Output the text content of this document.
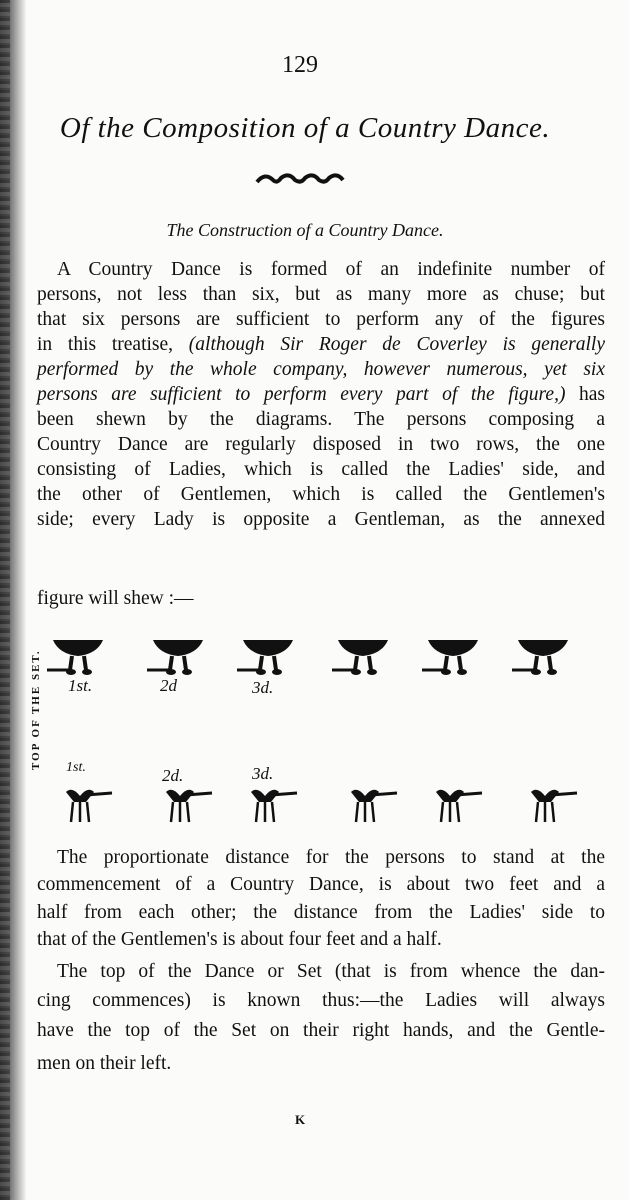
129
Of the Composition of a Country Dance.
The Construction of a Country Dance.
A Country Dance is formed of an indefinite number of
persons, not less than six, but as many more as chuse; but
that six persons are sufficient to perform any of the figures
in this treatise, (although Sir Roger de Coverley is generally
performed by the whole company, however numerous, yet six
persons are sufficient to perform every part of the figure,) has
been shewn by the diagrams. The persons composing a
Country Dance are regularly disposed in two rows, the one
consisting of Ladies, which is called the Ladies' side, and
the other of Gentlemen, which is called the Gentlemen's
side; every Lady is opposite a Gentleman, as the annexed
figure will shew :—
TOP OF THE SET. 1st.	2d	3d.
1st.	2d.	3d.
The proportionate distance for the persons to stand at the
commencement of a Country Dance, is about two feet and a
half from each other; the distance from the Ladies' side to
that of the Gentlemen's is about four feet and a half.
The top of the Dance or Set (that is from whence the dan-
cing commences) is known thus:—the Ladies will always
have the top of the Set on their right hands, and the Gentle-
men on their left.
K
